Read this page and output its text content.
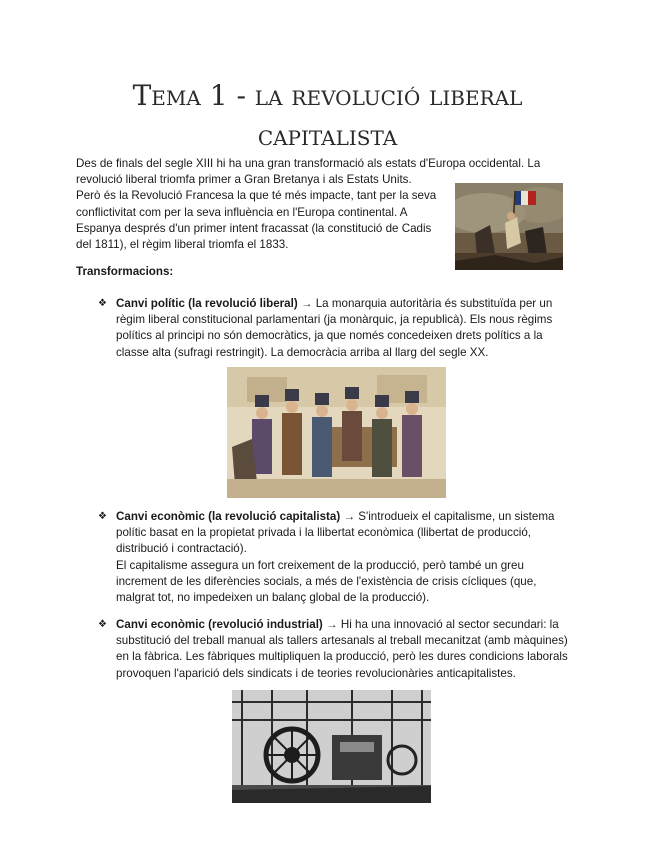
Tema 1 - la revolució liberal
capitalista

Des de finals del segle XIII hi ha una gran transformació als estats d'Europa occidental. La
revolució liberal triomfa primer a Gran Bretanya i als Estats Units.
Però és la Revolució Francesa la que té més impacte, tant per la seva
conflictivitat com per la seva influència en l'Europa continental. A
Espanya després d'un primer intent fracassat (la constitució de Cadis
del 1811), el règim liberal triomfa el 1833.

Transformacions:
❖ Canvi polític (la revolució liberal) → La monarquia autoritària és substituïda per un
règim liberal constitucional parlamentari (ja monàrquic, ja republicà). Els nous règims
polítics al principi no són democràtics, ja que només concedeixen drets polítics a la
classe alta (sufragi restringit). La democràcia arriba al llarg del segle XX.
❖ Canvi econòmic (la revolució capitalista) → S'introdueix el capitalisme, un sistema
polític basat en la propietat privada i la llibertat econòmica (llibertat de producció,
distribució i contractació).
El capitalisme assegura un fort creixement de la producció, però també un greu
increment de les diferències socials, a més de l'existència de crisis cícliques (que,
malgrat tot, no impedeixen un balanç global de la producció).
❖ Canvi econòmic (revolució industrial) → Hi ha una innovació al sector secundari: la
substitució del treball manual als tallers artesanals al treball mecanitzat (amb màquines)
en la fàbrica. Les fàbriques multipliquen la producció, però les dures condicions laborals
provoquen l'aparició dels sindicats i de teories revolucionàries anticapitalistes.
